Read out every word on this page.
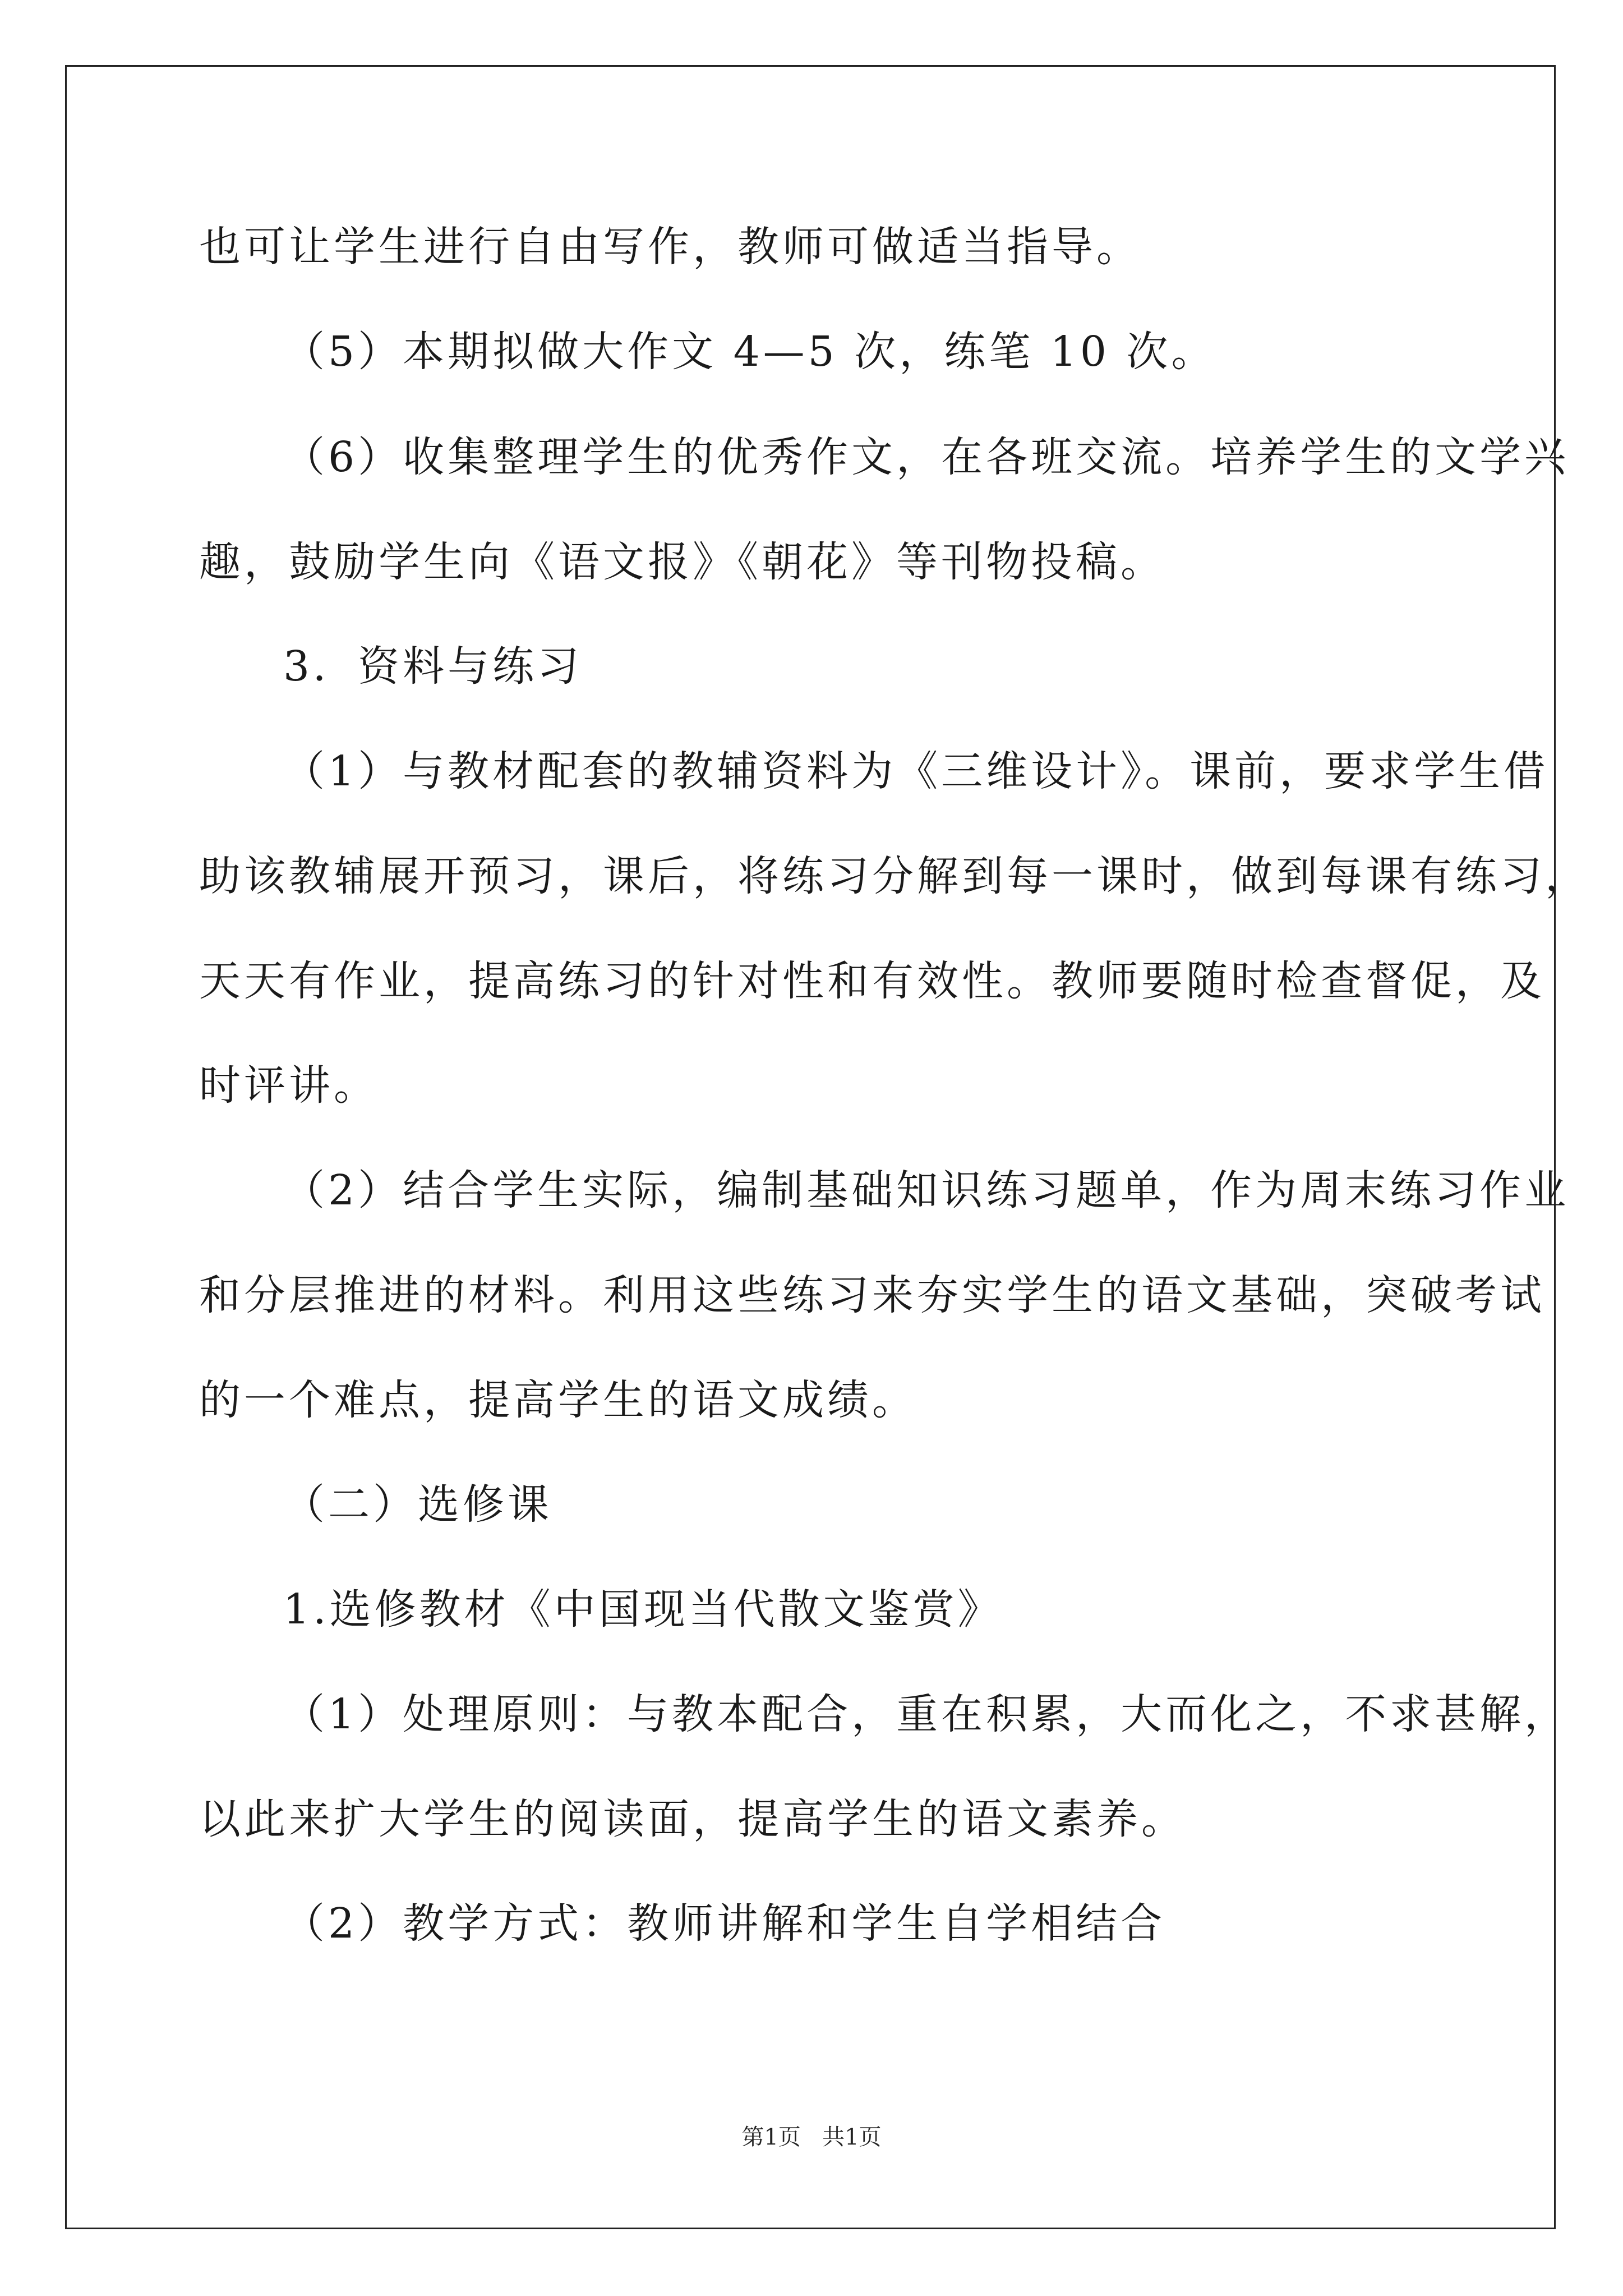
也可让学生进行自由写作，教师可做适当指导。
（5）本期拟做大作文 4—5 次，练笔 10 次。
（6）收集整理学生的优秀作文，在各班交流。培养学生的文学兴
趣，鼓励学生向《语文报》《朝花》等刊物投稿。
3．资料与练习
（1）与教材配套的教辅资料为《三维设计》。课前，要求学生借
助该教辅展开预习，课后，将练习分解到每一课时，做到每课有练习，
天天有作业，提高练习的针对性和有效性。教师要随时检查督促，及
时评讲。
（2）结合学生实际，编制基础知识练习题单，作为周末练习作业
和分层推进的材料。利用这些练习来夯实学生的语文基础，突破考试
的一个难点，提高学生的语文成绩。
（二）选修课
1.选修教材《中国现当代散文鉴赏》
（1）处理原则：与教本配合，重在积累，大而化之，不求甚解，
以此来扩大学生的阅读面，提高学生的语文素养。
（2）教学方式：教师讲解和学生自学相结合
第1页 共1页
